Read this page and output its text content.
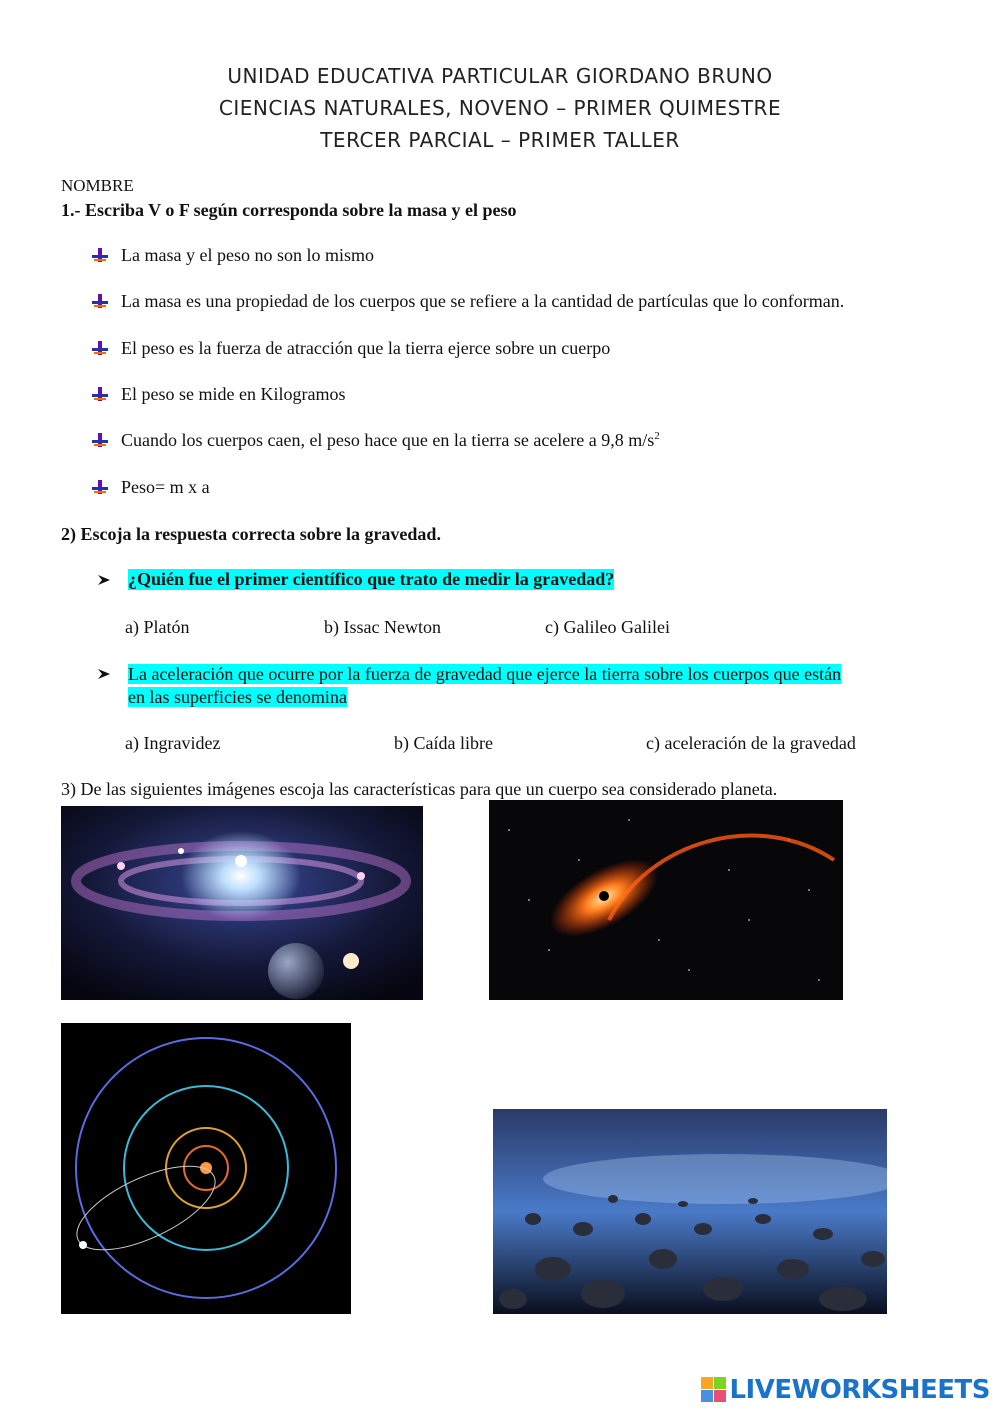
UNIDAD EDUCATIVA PARTICULAR GIORDANO BRUNO
CIENCIAS NATURALES, NOVENO – PRIMER QUIMESTRE
TERCER PARCIAL – PRIMER TALLER
NOMBRE
1.- Escriba V o F según corresponda sobre la masa y el peso
La masa y el peso no son lo mismo
La masa es una propiedad de los cuerpos que se refiere a la cantidad de partículas que lo conforman.
El peso es la fuerza de atracción que la tierra ejerce sobre un cuerpo
El peso se mide en Kilogramos
Cuando los cuerpos caen, el peso hace que en la tierra se acelere a 9,8 $m/s^2$
Peso= m x a
2) Escoja la respuesta correcta sobre la gravedad.
¿Quién fue el primer científico que trato de medir la gravedad?
a) Platón	b) Issac Newton	c) Galileo Galilei
La aceleración que ocurre por la fuerza de gravedad que ejerce la tierra sobre los cuerpos que están
en las superficies se denomina
a) Ingravidez	b) Caída libre	c) aceleración de la gravedad
3) De las siguientes imágenes escoja las características para que un cuerpo sea considerado planeta.
LIVEWORKSHEETS
